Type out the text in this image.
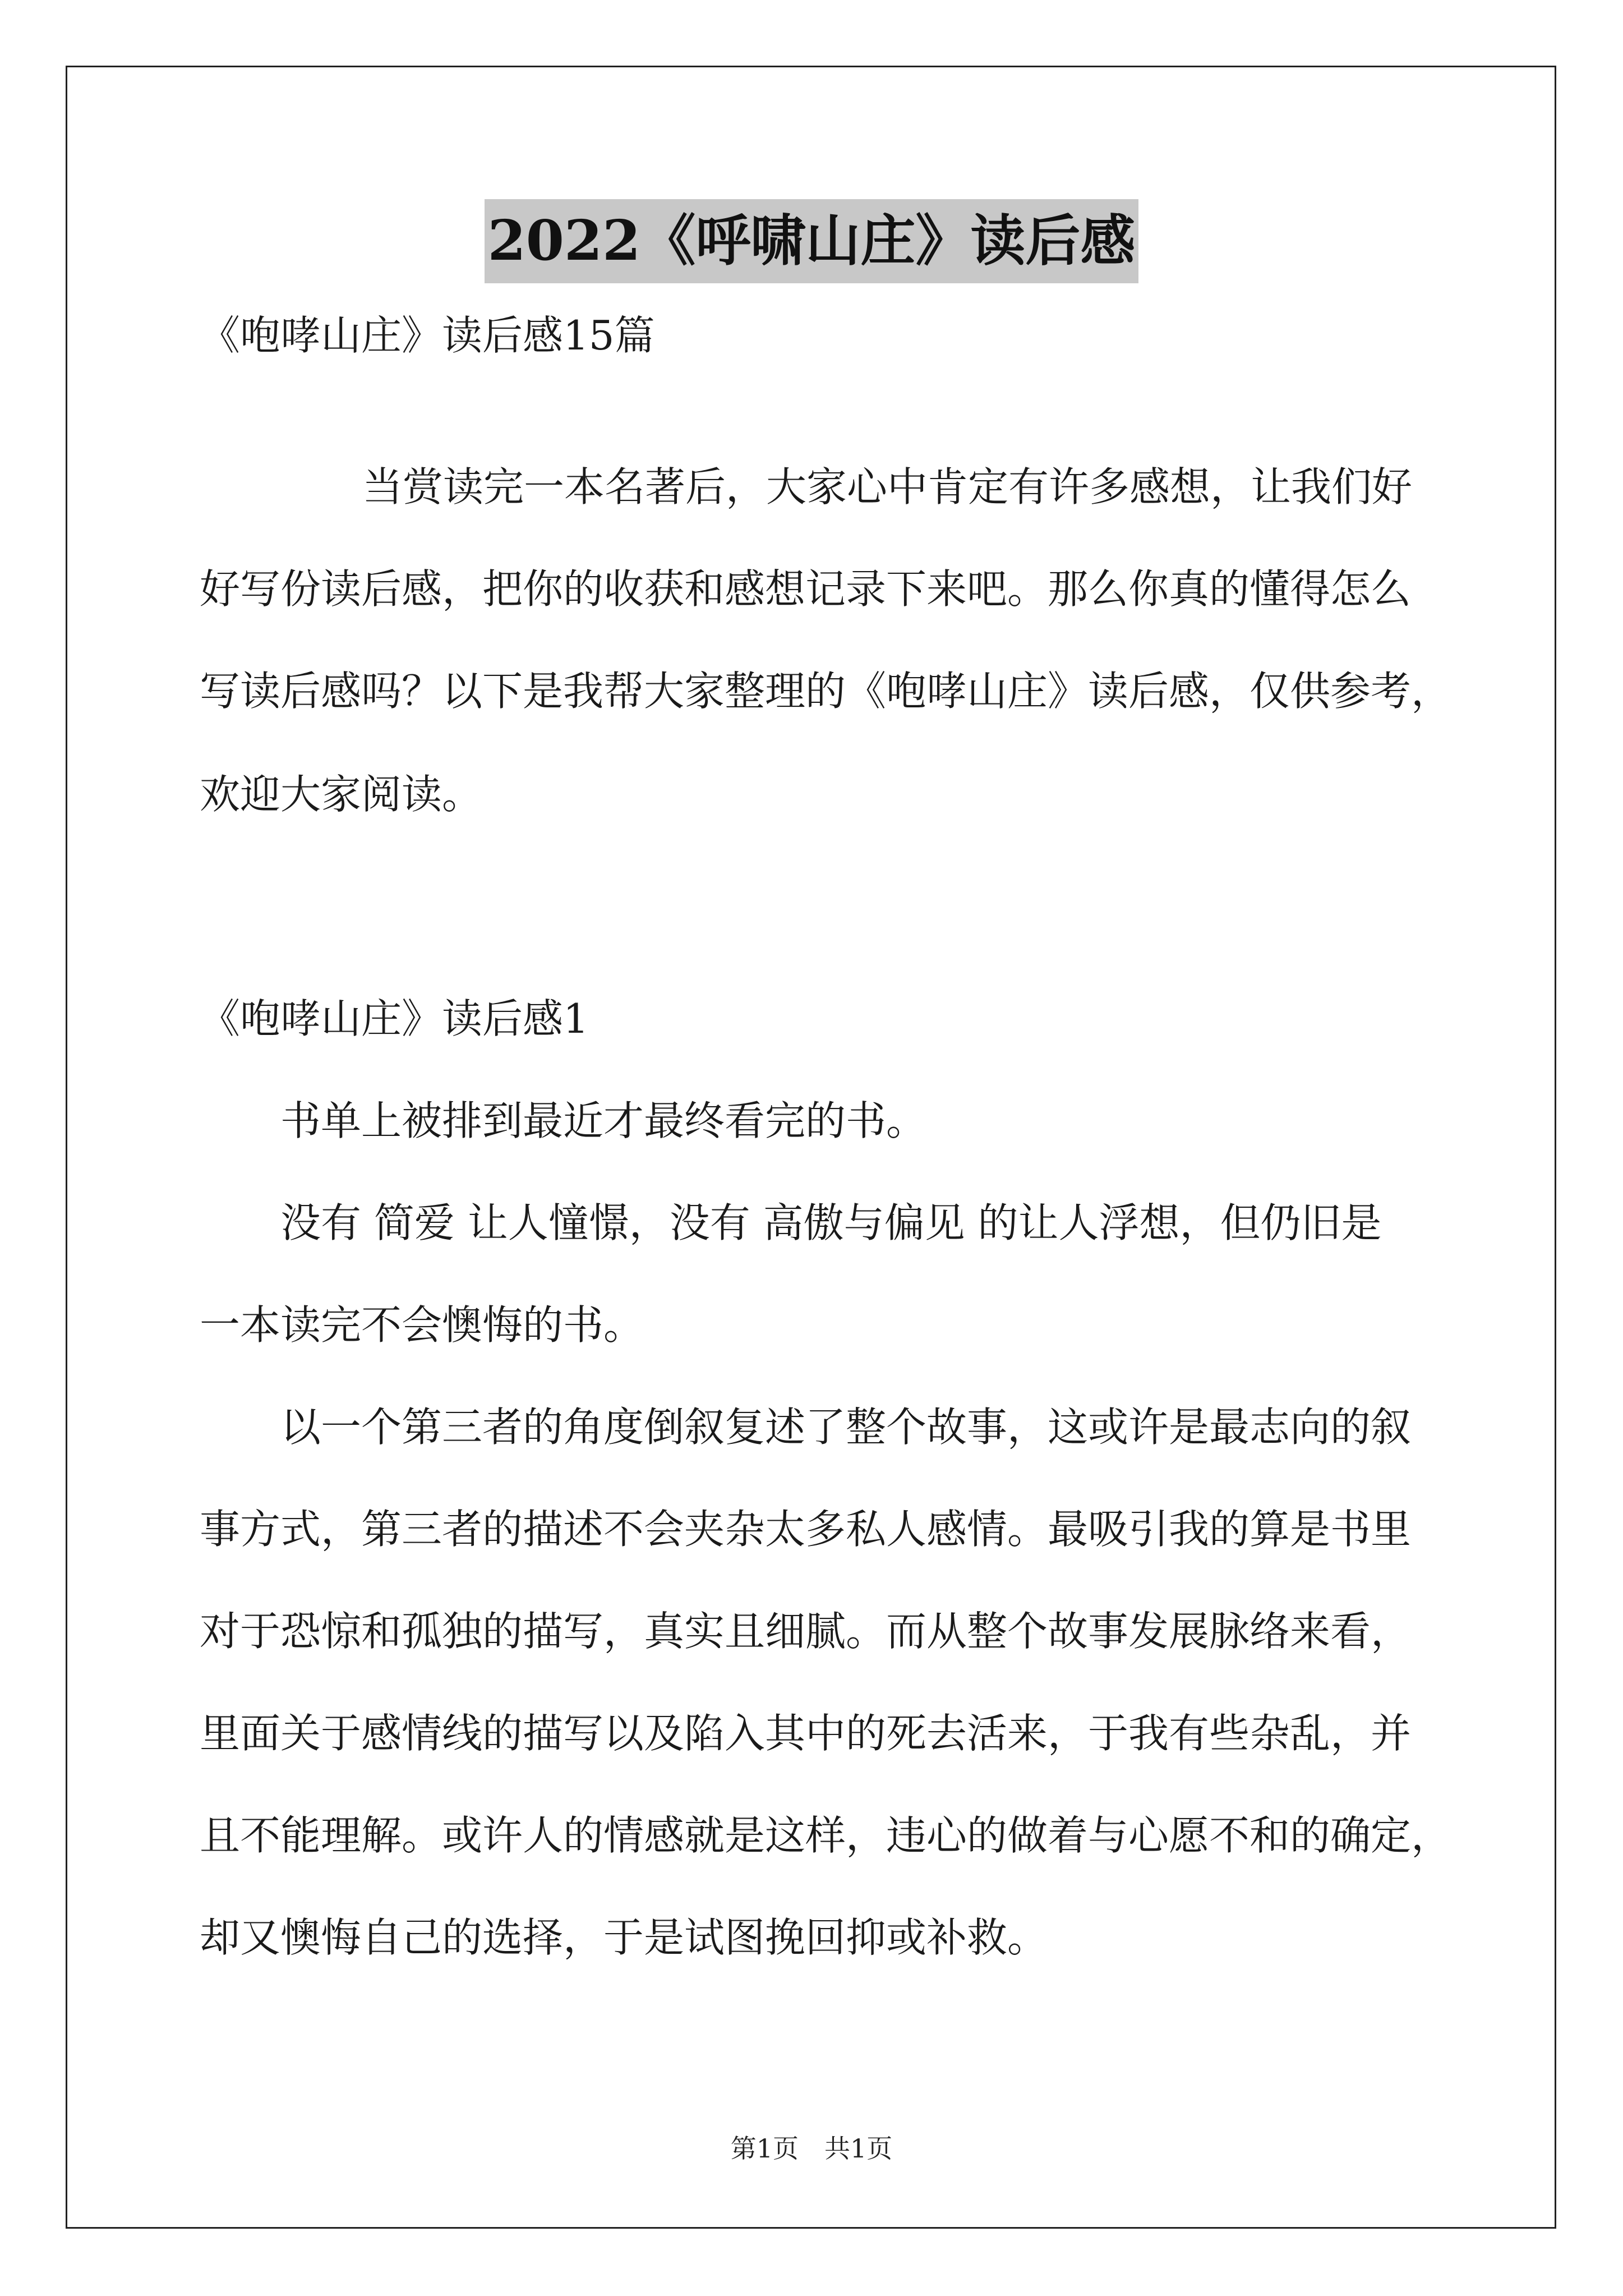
2022《呼啸山庄》读后感
《咆哮山庄》读后感15篇
当赏读完一本名著后，大家心中肯定有许多感想，让我们好
好写份读后感，把你的收获和感想记录下来吧。那么你真的懂得怎么
写读后感吗？以下是我帮大家整理的《咆哮山庄》读后感，仅供参考，
欢迎大家阅读。
《咆哮山庄》读后感1
书单上被排到最近才最终看完的书。
没有 简爱 让人憧憬，没有 高傲与偏见 的让人浮想，但仍旧是
一本读完不会懊悔的书。
以一个第三者的角度倒叙复述了整个故事，这或许是最志向的叙
事方式，第三者的描述不会夹杂太多私人感情。最吸引我的算是书里
对于恐惊和孤独的描写，真实且细腻。而从整个故事发展脉络来看，
里面关于感情线的描写以及陷入其中的死去活来，于我有些杂乱，并
且不能理解。或许人的情感就是这样，违心的做着与心愿不和的确定，
却又懊悔自己的选择，于是试图挽回抑或补救。
第1页　共1页
